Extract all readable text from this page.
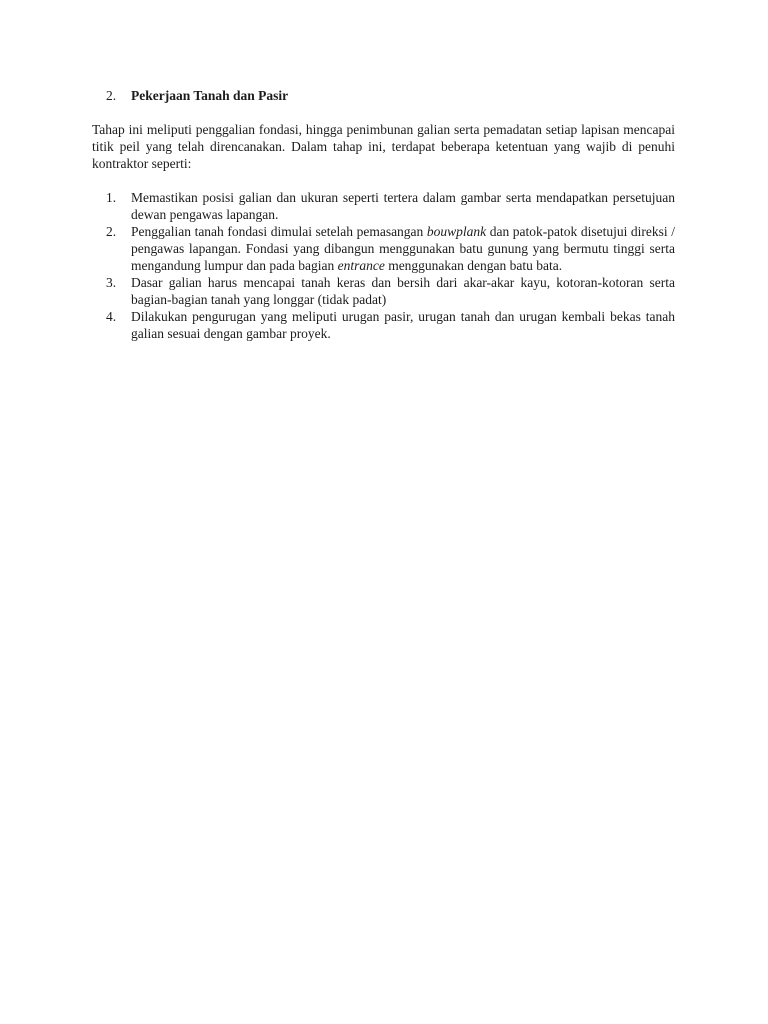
2. Pekerjaan Tanah dan Pasir

Tahap ini meliputi penggalian fondasi, hingga penimbunan galian serta pemadatan setiap lapisan mencapai titik peil yang telah direncanakan. Dalam tahap ini, terdapat beberapa ketentuan yang wajib di penuhi kontraktor seperti:

1. Memastikan posisi galian dan ukuran seperti tertera dalam gambar serta mendapatkan persetujuan dewan pengawas lapangan.
2. Penggalian tanah fondasi dimulai setelah pemasangan bouwplank dan patok-patok disetujui direksi / pengawas lapangan. Fondasi yang dibangun menggunakan batu gunung yang bermutu tinggi serta mengandung lumpur dan pada bagian entrance menggunakan dengan batu bata.
3. Dasar galian harus mencapai tanah keras dan bersih dari akar-akar kayu, kotoran-kotoran serta bagian-bagian tanah yang longgar (tidak padat)
4. Dilakukan pengurugan yang meliputi urugan pasir, urugan tanah dan urugan kembali bekas tanah galian sesuai dengan gambar proyek.
